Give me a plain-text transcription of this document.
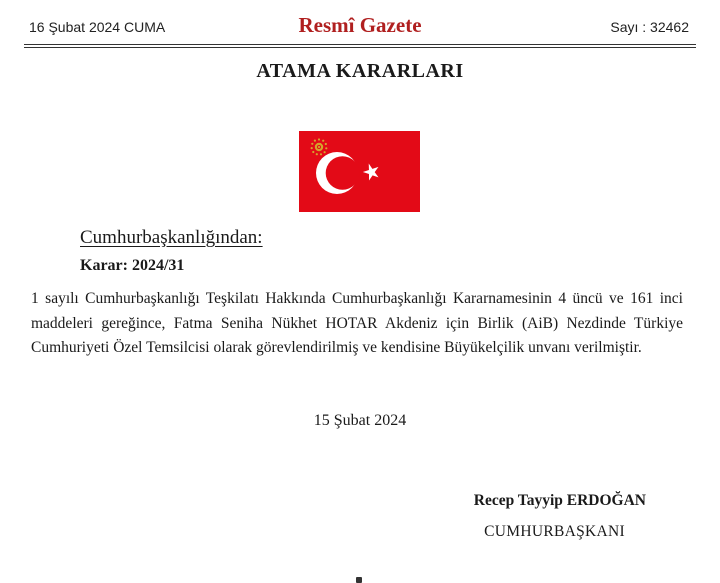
16 Şubat 2024 CUMA	Resmî Gazete	Sayı : 32462
ATAMA KARARLARI
Cumhurbaşkanlığından:
Karar: 2024/31

1 sayılı Cumhurbaşkanlığı Teşkilatı Hakkında Cumhurbaşkanlığı Kararnamesinin 4 üncü ve 161 inci maddeleri gereğince, Fatma Seniha Nükhet HOTAR Akdeniz için Birlik (AiB) Nezdinde Türkiye Cumhuriyeti Özel Temsilcisi olarak görevlendirilmiş ve kendisine Büyükelçilik unvanı verilmiştir.

15 Şubat 2024
Recep Tayyip ERDOĞAN
CUMHURBAŞKANI
